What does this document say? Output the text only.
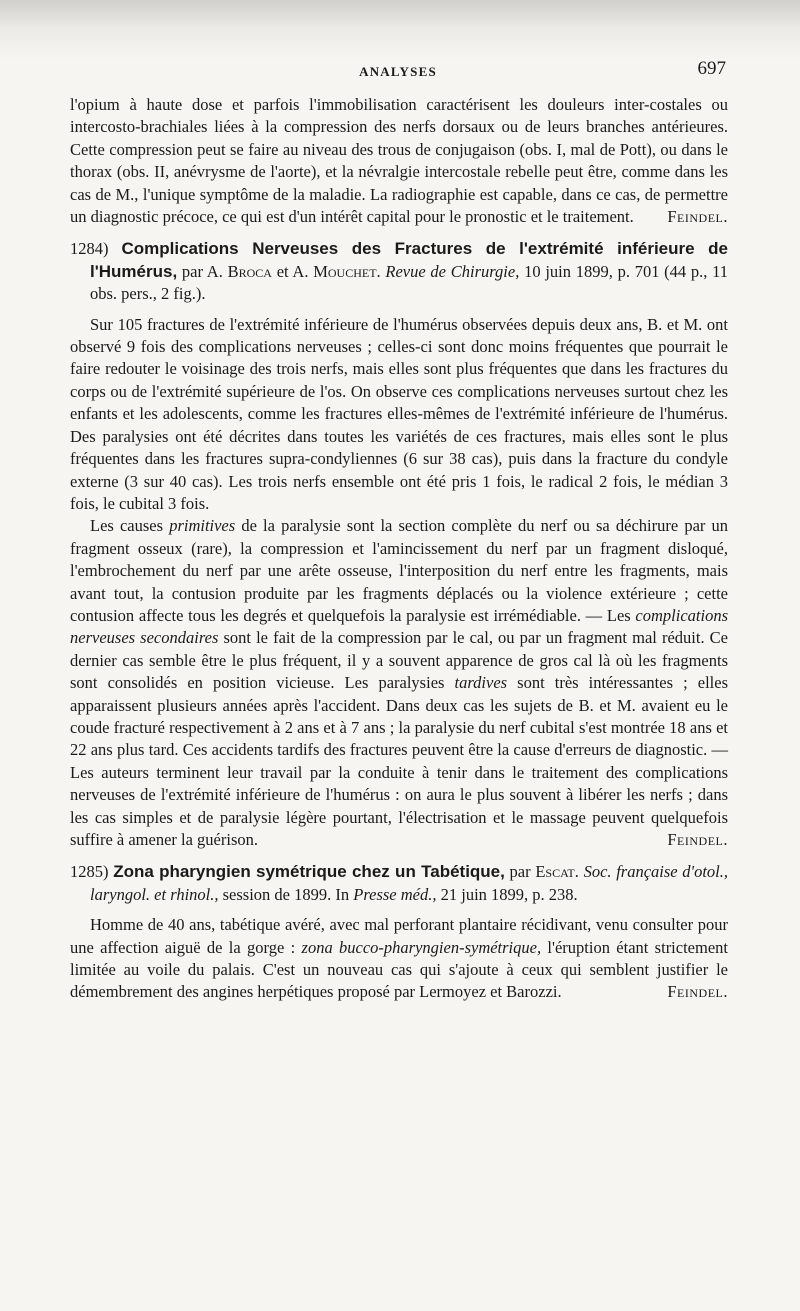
ANALYSES	697

l'opium à haute dose et parfois l'immobilisation caractérisent les douleurs inter-costales ou intercosto-brachiales liées à la compression des nerfs dorsaux ou de leurs branches antérieures. Cette compression peut se faire au niveau des trous de conjugaison (obs. I, mal de Pott), ou dans le thorax (obs. II, anévrysme de l'aorte), et la névralgie intercostale rebelle peut être, comme dans les cas de M., l'unique symptôme de la maladie. La radiographie est capable, dans ce cas, de permettre un diagnostic précoce, ce qui est d'un intérêt capital pour le pronostic et le traitement. Feindel.

1284) Complications Nerveuses des Fractures de l'extrémité inférieure de l'Humérus, par A. Broca et A. Mouchet. Revue de Chirurgie, 10 juin 1899, p. 701 (44 p., 11 obs. pers., 2 fig.).

Sur 105 fractures de l'extrémité inférieure de l'humérus observées depuis deux ans, B. et M. ont observé 9 fois des complications nerveuses ; celles-ci sont donc moins fréquentes que pourrait le faire redouter le voisinage des trois nerfs, mais elles sont plus fréquentes que dans les fractures du corps ou de l'extrémité supérieure de l'os. On observe ces complications nerveuses surtout chez les enfants et les adolescents, comme les fractures elles-mêmes de l'extrémité inférieure de l'humérus. Des paralysies ont été décrites dans toutes les variétés de ces fractures, mais elles sont le plus fréquentes dans les fractures supra-condyliennes (6 sur 38 cas), puis dans la fracture du condyle externe (3 sur 40 cas). Les trois nerfs ensemble ont été pris 1 fois, le radical 2 fois, le médian 3 fois, le cubital 3 fois.

Les causes primitives de la paralysie sont la section complète du nerf ou sa déchirure par un fragment osseux (rare), la compression et l'amincissement du nerf par un fragment disloqué, l'embrochement du nerf par une arête osseuse, l'interposition du nerf entre les fragments, mais avant tout, la contusion produite par les fragments déplacés ou la violence extérieure ; cette contusion affecte tous les degrés et quelquefois la paralysie est irrémédiable. — Les complications nerveuses secondaires sont le fait de la compression par le cal, ou par un fragment mal réduit. Ce dernier cas semble être le plus fréquent, il y a souvent apparence de gros cal là où les fragments sont consolidés en position vicieuse. Les paralysies tardives sont très intéressantes ; elles apparaissent plusieurs années après l'accident. Dans deux cas les sujets de B. et M. avaient eu le coude fracturé respectivement à 2 ans et à 7 ans ; la paralysie du nerf cubital s'est montrée 18 ans et 22 ans plus tard. Ces accidents tardifs des fractures peuvent être la cause d'erreurs de diagnostic. — Les auteurs terminent leur travail par la conduite à tenir dans le traitement des complications nerveuses de l'extrémité inférieure de l'humérus : on aura le plus souvent à libérer les nerfs ; dans les cas simples et de paralysie légère pourtant, l'électrisation et le massage peuvent quelquefois suffire à amener la guérison.	Feindel.

1285) Zona pharyngien symétrique chez un Tabétique, par Escat. Soc. française d'otol., laryngol. et rhinol., session de 1899. In Presse méd., 21 juin 1899, p. 238.

Homme de 40 ans, tabétique avéré, avec mal perforant plantaire récidivant, venu consulter pour une affection aiguë de la gorge : zona bucco-pharyngien-symétrique, l'éruption étant strictement limitée au voile du palais. C'est un nouveau cas qui s'ajoute à ceux qui semblent justifier le démembrement des angines herpétiques proposé par Lermoyez et Barozzi.	Feindel.
